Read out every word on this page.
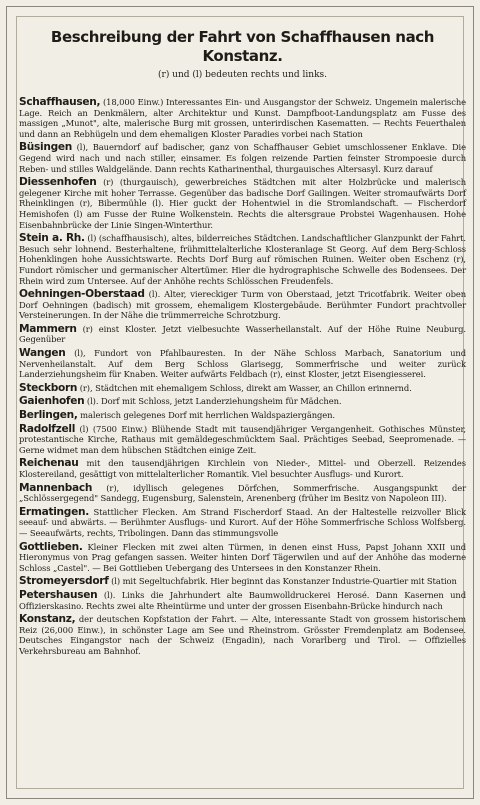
Beschreibung der Fahrt von Schaffhausen nach Konstanz.

(r) und (l) bedeuten rechts und links.

Schaffhausen, (18,000 Einw.) Interessantes Ein- und Ausgangstor der Schweiz. Ungemein malerische Lage. Reich an Denkmälern, alter Architektur und Kunst. Dampfboot-Landungsplatz am Fusse des massigen „Munot", alte, malerische Burg mit grossen, unterirdischen Kasematten. — Rechts Feuerthalen und dann an Rebhügeln und dem ehemaligen Kloster Paradies vorbei nach Station

Büsingen (l), Bauerndorf auf badischer, ganz von Schaffhauser Gebiet umschlossener Enklave. Die Gegend wird nach und nach stiller, einsamer. Es folgen reizende Partien feinster Strompoesie durch Reben- und stilles Waldgelände. Dann rechts Katharinenthal, thurgauisches Altersasyl. Kurz darauf

Diessenhofen (r) (thurgauisch), gewerbreiches Städtchen mit alter Holzbrücke und malerisch gelegener Kirche mit hoher Terrasse. Gegenüber das badische Dorf Gailingen. Weiter stromaufwärts Dorf Rheinklingen (r), Bibermühle (l). Hier guckt der Hohentwiel in die Stromlandschaft. — Fischerdorf Hemishofen (l) am Fusse der Ruine Wolkenstein. Rechts die altersgraue Probstei Wagenhausen. Hohe Eisenbahnbrücke der Linie Singen-Winterthur.

Stein a. Rh. (l) (schaffhausisch), altes, bilderreiches Städtchen. Landschaftlicher Glanzpunkt der Fahrt. Besuch sehr lohnend. Besterhaltene, frühmittelalterliche Klosteranlage St Georg. Auf dem Berg-Schloss Hohenklingen hohe Aussichtswarte. Rechts Dorf Burg auf römischen Ruinen. Weiter oben Eschenz (r), Fundort römischer und germanischer Altertümer. Hier die hydrographische Schwelle des Bodensees. Der Rhein wird zum Untersee. Auf der Anhöhe rechts Schlösschen Freudenfels.

Oehningen-Oberstaad (l). Alter, viereckiger Turm von Oberstaad, jetzt Tricotfabrik. Weiter oben Dorf Oehningen (badisch) mit grossem, ehemaligem Klostergebäude. Berühmter Fundort prachtvoller Versteinerungen. In der Nähe die trümmerreiche Schrotzburg.

Mammern (r) einst Kloster. Jetzt vielbesuchte Wasserheilanstalt. Auf der Höhe Ruine Neuburg. Gegenüber

Wangen (l), Fundort von Pfahlbauresten. In der Nähe Schloss Marbach, Sanatorium und Nervenheilanstalt. Auf dem Berg Schloss Glarisegg, Sommerfrische und weiter zurück Landerziehungsheim für Knaben. Weiter aufwärts Feldbach (r), einst Kloster, jetzt Eisengiesserei.

Steckborn (r), Städtchen mit ehemaligem Schloss, direkt am Wasser, an Chillon erinnernd.

Gaienhofen (l). Dorf mit Schloss, jetzt Landerziehungsheim für Mädchen.

Berlingen, malerisch gelegenes Dorf mit herrlichen Waldspaziergängen.

Radolfzell (l) (7500 Einw.) Blühende Stadt mit tausendjähriger Vergangenheit. Gothisches Münster, protestantische Kirche, Rathaus mit gemäldegeschmücktem Saal. Prächtiges Seebad, Seepromenade. — Gerne widmet man dem hübschen Städtchen einige Zeit.

Reichenau mit den tausendjährigen Kirchlein von Nieder-, Mittel- und Oberzell. Reizendes Klostereiland, gesättigt von mittelalterlicher Romantik. Viel besuchter Ausflugs- und Kurort.

Mannenbach (r), idyllisch gelegenes Dörfchen, Sommerfrische. Ausgangspunkt der „Schlössergegend" Sandegg, Eugensburg, Salenstein, Arenenberg (früher im Besitz von Napoleon III).

Ermatingen. Stattlicher Flecken. Am Strand Fischerdorf Staad. An der Haltestelle reizvoller Blick seeauf- und abwärts. — Berühmter Ausflugs- und Kurort. Auf der Höhe Sommerfrische Schloss Wolfsberg. — Seeaufwärts, rechts, Tribolingen. Dann das stimmungsvolle

Gottlieben. Kleiner Flecken mit zwei alten Türmen, in denen einst Huss, Papst Johann XXII und Hieronymus von Prag gefangen sassen. Weiter hinten Dorf Tägerwilen und auf der Anhöhe das moderne Schloss „Castel". — Bei Gottlieben Uebergang des Untersees in den Konstanzer Rhein.

Stromeyersdorf (l) mit Segeltuchfabrik. Hier beginnt das Konstanzer Industrie-Quartier mit Station

Petershausen (l). Links die Jahrhundert alte Baumwolldruckerei Herosé. Dann Kasernen und Offizierskasino. Rechts zwei alte Rheintürme und unter der grossen Eisenbahn-Brücke hindurch nach

Konstanz, der deutschen Kopfstation der Fahrt. — Alte, interessante Stadt von grossem historischem Reiz (26,000 Einw.), in schönster Lage am See und Rheinstrom. Grösster Fremdenplatz am Bodensee. Deutsches Eingangstor nach der Schweiz (Engadin), nach Vorarlberg und Tirol. — Offizielles Verkehrsbureau am Bahnhof.
